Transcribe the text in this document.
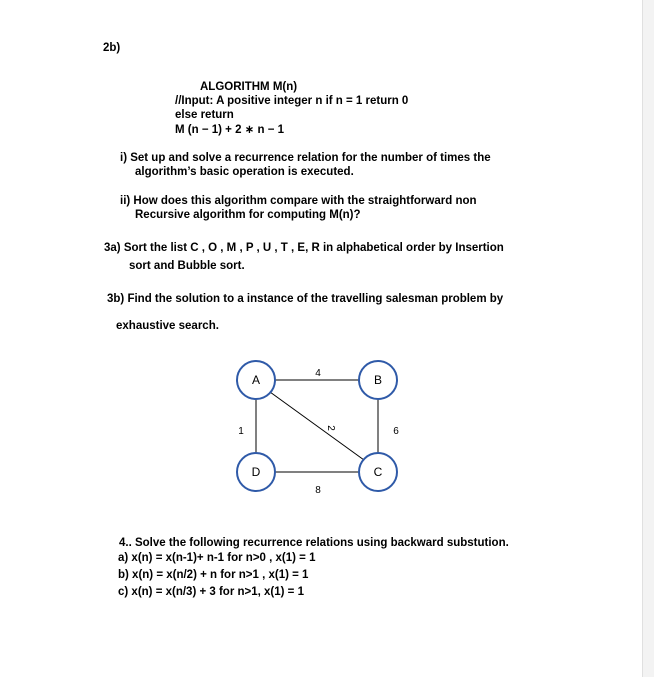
2b)
ALGORITHM M(n)
//Input: A positive integer n if n = 1 return 0
else return
M (n − 1) + 2 ∗ n − 1
i) Set up and solve a recurrence relation for the number of times the
algorithm’s basic operation is executed.
ii) How does this algorithm compare with the straightforward non
Recursive algorithm for computing M(n)?
3a) Sort the list C , O , M , P , U , T , E, R in alphabetical order by Insertion
sort and Bubble sort.
3b) Find the solution to a instance of the travelling salesman problem by
exhaustive search.
A	B
D	C
4
1	6
8
2
4.. Solve the following recurrence relations using backward substution.
a) x(n) = x(n-1)+ n-1 for n>0 , x(1) = 1
b) x(n) = x(n/2) + n for n>1 , x(1) = 1
c) x(n) = x(n/3) + 3 for n>1, x(1) = 1
